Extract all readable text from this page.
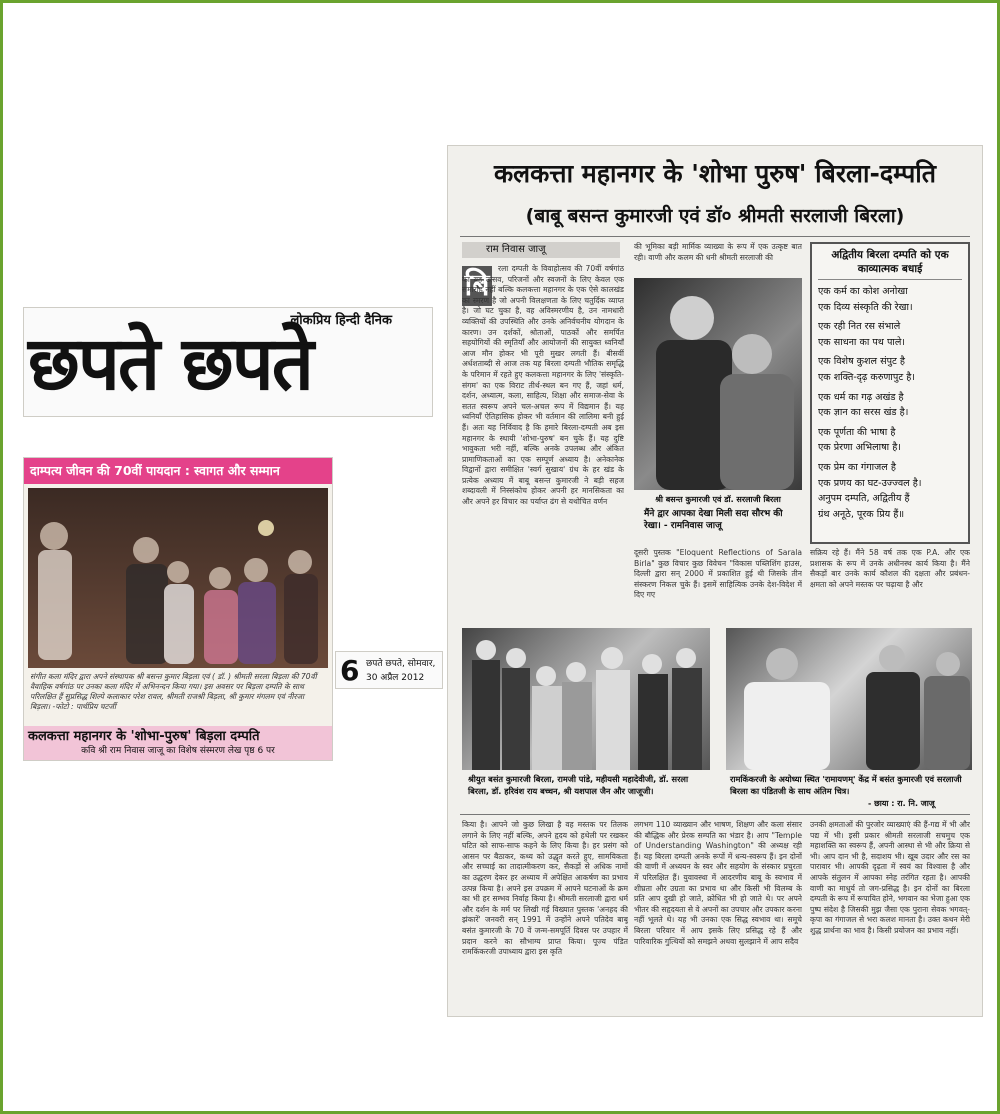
लोकप्रिय हिन्दी दैनिक
छपते छपते
दाम्पत्य जीवन की 70वीं पायदान : स्वागत और सम्मान
संगीत कला मंदिर द्वारा अपने संस्थापक श्री बसन्त कुमार बिड़ला एवं ( डॉ. ) श्रीमती सरला बिड़ला की 70वीं वैवाहिक वर्षगांठ पर उनका कला मंदिर में अभिनन्दन किया गया। इस अवसर पर बिड़ला दम्पति के साथ परिलक्षित हैं सुप्रसिद्ध शिल्पे कलाकार परेश रावल, श्रीमती राजश्री बिड़ला, श्री कुमार मंगलम एवं नीरजा बिड़ला। -फोटो : पार्थप्रिय चटर्जी
कलकत्ता महानगर के 'शोभा-पुरुष' बिड़ला दम्पति
कवि श्री राम निवास जाजू का विशेष संस्मरण लेख पृष्ठ 6 पर
6 छपते छपते, सोमवार,
30 अप्रैल 2012
कलकत्ता महानगर के 'शोभा पुरुष' बिरला-दम्पति
(बाबू बसन्त कुमारजी एवं डॉ० श्रीमती सरलाजी बिरला)
राम निवास जाजू
बि	रला दम्पती के विवाहोत्सव की 70वीं वर्षगांठ का यह उत्सव, परिजनों और स्वजनों के लिए केवल एक समारोह नहीं बल्कि कलकत्ता महानगर के एक ऐसे कालखंड का स्मरण है जो अपनी विलक्षणता के लिए चतुर्दिक व्याप्त है। जो घट चुका है, वह अविस्मरणीय है, उन नामधारी व्यक्तियों की उपस्थिति और उनके अनिर्वचनीय योगदान के कारण। उन दर्शकों, श्रोताओं, पाठकों और समर्पित सहयोगियों की स्मृतियाँ और आयोजनों की सायुक्त ध्वनियाँ आज मौन होकर भी पूरी मुखर लगती हैं। बीसवीं अर्धशताब्दी से आज तक यह बिरला दम्पती भौतिक समृद्धि के परिमान में रहते हुए कलकत्ता महानगर के लिए 'संस्कृति-संगम' का एक विराट तीर्थ-स्थल बन गए हैं, जहां धर्म, दर्शन, अध्यात्म, कला, साहित्य, शिक्षा और समाज-सेवा के सतत स्वरूप अपने चल-अचल रूप में विद्यमान हैं। यह ध्वनियाँ ऐतिहासिक होकर भी वर्तमान की लालिमा बनी हुई हैं। अतः यह निर्विवाद है कि हमारे बिरला-दम्पती अब इस महानगर के स्थायी 'शोभा-पुरुष' बन चुके हैं। यह दुष्टि भावुकता भरी नहीं, बल्कि अनके उपलब्ध और अंकित प्रामाणिकताओं का एक सम्पूर्ण अध्याय है। अनेकानेक विद्वानों द्वारा समीक्षित 'स्वर्ग सुखाय' ग्रंथ के हर खंड के प्रत्येक अध्याय में बाबू बसन्त कुमारजी ने बड़ी सहज शब्दावली में निस्संकोच होकर अपनी हर मानसिकता का और अपने हर विचार का पर्याप्त ढंग से यथोचित वर्णन
की भूमिका बड़ी मार्मिक व्याख्या के रूप में एक उत्कृष्ट बात रही। वाणी और कलम की धनी श्रीमती सरलाजी की
श्री बसन्त कुमारजी एवं डॉ. सरलाजी बिरला
मैंने द्वार आपका देखा मिली सदा सौरभ की रेखा। - रामनिवास जाजू
अद्वितीय बिरला दम्पति को एक काव्यात्मक बधाई
एक कर्म का कोश अनोखा
एक दिव्य संस्कृति की रेखा।
एक रही नित रस संभाले
एक साधना का पथ पाले।
एक विशेष कुशल संपुट है
एक शक्ति-दृढ़ करुणापुट है।
एक धर्म का गढ़ अखंड है
एक ज्ञान का सरस खंड है।
एक पूर्णता की भाषा है
एक प्रेरणा अभिलाषा है।
एक प्रेम का गंगाजल है
एक प्रणय का घट-उज्ज्वल है।
अनुपम दम्पति, अद्वितीय हैं
ग्रंथ अनूठे, पूरक प्रिय हैं॥
दूसरी पुस्तक "Eloquent Reflections of Sarala Birla" कुछ विचार कुछ विवेचन "विकास पब्लिशिंग हाउस, दिल्ली द्वारा सन् 2000 में प्रकाशित हुई थी जिसके तीन संस्करण निकल चुके हैं। इसमें साहित्यिक उनके देश-विदेश में दिए गए
सक्रिय रहे हैं। मैंने 58 वर्ष तक एक P.A. और एक प्रशासक के रूप में उनके अधीनस्थ कार्य किया है। मैंने सैकड़ों बार उनके कार्य कौशल की दक्षता और प्रबंधन-क्षमता को अपने मस्तक पर चढ़ाया है और
श्रीयुत बसंत कुमारजी बिरला, रामजी पांडे, महीयसी महादेवीजी, डॉ. सरला बिरला, डॉ. हरिवंश राय बच्चन, श्री यशपाल जैन और जाजूजी।
रामकिंकरजी के अयोध्या स्थित 'रामायणम्' केंद्र में बसंत कुमारजी एवं सरलाजी बिरला का पंडितजी के साथ अंतिम चित्र।
- छाया : रा. नि. जाजू
किया है। आपने जो कुछ लिखा है वह मस्तक पर तिलक लगाने के लिए नहीं बल्कि, अपने हृदय को हथेली पर रखकर घटित को साफ-साफ कहने के लिए किया है। हर प्रसंग को आसन पर बैठाकर, कथ्य को उद्धृत करते हुए, सामयिकता और सच्चाई का तादात्मीकरण कर, सैकड़ों से अधिक नामों का उद्धरण देकर हर अध्याय में अपेक्षित आकर्षण का प्रभाव उत्पन्न किया है। अपने इस उपक्रम में आपने घटनाओं के क्रम का भी हर सम्भव निर्वाह किया है। श्रीमती सरलाजी द्वारा धर्म और दर्शन के मर्म पर लिखी गई विख्यात पुस्तक 'अनहद की झंकारें' जनवरी सन् 1991 में उन्होंने अपने पतिदेव बाबू बसंत कुमारजी के 70 वें जन्म-समपूर्ति दिवस पर उपहार में प्रदान करने का सौभाग्य प्राप्त किया। पूज्य पंडित रामकिंकरजी उपाध्याय द्वारा इस कृति
लगभग 110 व्याख्यान और भाषण, शिक्षण और कला संसार की बौद्धिक और प्रेरक सम्पति का भंडार है। आप "Temple of Understanding Washington" की अध्यक्ष रही हैं। यह बिरला दम्पती अनके रूपों में धन्य-स्वरूप हैं। इन दोनों की वाणी में अध्ययन के स्वर और सहयोग के संस्कार प्रचुरता में परिलक्षित हैं। युवावस्था में आदरणीय बाबू के स्वभाव में शीघ्रता और उग्रता का प्रभाव था और किसी भी विलम्ब के प्रति आप दुखी हो जाते, क्रोधित भी हो जाते थे। पर अपने भीतर की सहृदयता से वे अपनों का उपचार और उपकार करना नहीं भूलते थे। यह भी उनका एक सिद्ध स्वभाव था। समूचे बिरला परिवार में आप इसके लिए प्रसिद्ध रहे हैं और पारिवारिक गुत्थियों को समझने अथवा सुलझाने में आप सदैव
उनकी क्षमताओं की पुरजोर व्याख्याएं की हैं-गद्य में भी और पद्य में भी। इसी प्रकार श्रीमती सरलाजी सचमुच एक महाशक्ति का स्वरूप हैं, अपनी आस्था से भी और क्रिया से भी। आप दान भी है, सदाशय भी। खूब उदार और रस का पारावार भी। आपकी दृढ़ता में स्वयं का विश्वास है और आपके संतुलन में आपका स्नेह तरंगित रहता है। आपकी वाणी का माधुर्य तो जग-प्रसिद्ध है। इन दोनों का बिरला दम्पती के रूप में रूपायित होने, भगवान का भेजा हुआ एक पुष्प संदेश है जिसकी मुझ जैसा एक पुराना सेवक भगवत्-कृपा का गंगाजल से भरा कलश मानता है। उक्त कथन मेरी शुद्ध प्रार्थना का भाव है। किसी प्रयोजन का प्रभाव नहीं।
